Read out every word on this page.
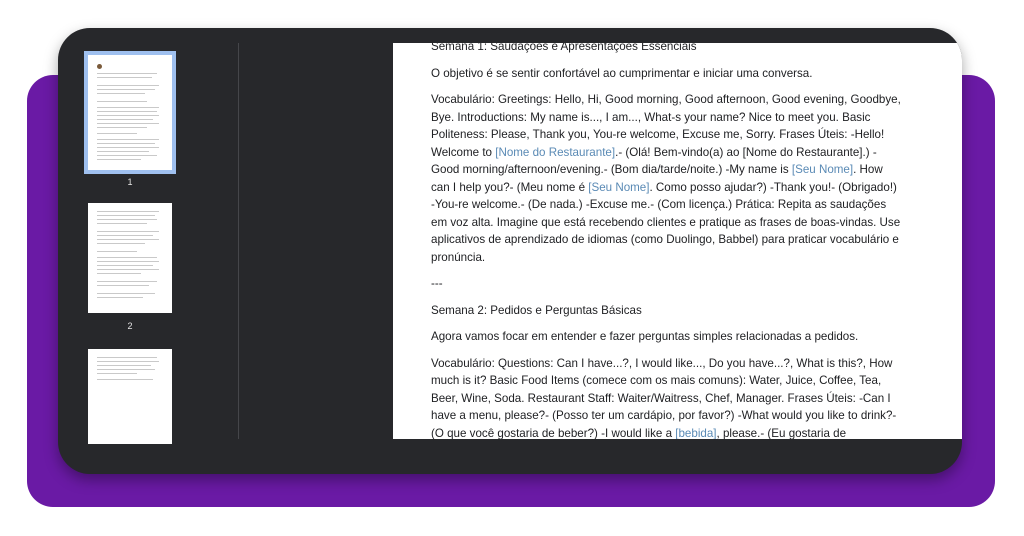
1
2

Semana 1: Saudações e Apresentações Essenciais

O objetivo é se sentir confortável ao cumprimentar e iniciar uma conversa.

Vocabulário: Greetings: Hello, Hi, Good morning, Good afternoon, Good evening, Goodbye, Bye. Introductions: My name is..., I am..., What-s your name? Nice to meet you. Basic Politeness: Please, Thank you, You-re welcome, Excuse me, Sorry. Frases Úteis: -Hello! Welcome to [Nome do Restaurante].- (Olá! Bem-vindo(a) ao [Nome do Restaurante].) -Good morning/afternoon/evening.- (Bom dia/tarde/noite.) -My name is [Seu Nome]. How can I help you?- (Meu nome é [Seu Nome]. Como posso ajudar?) -Thank you!- (Obrigado!) -You-re welcome.- (De nada.) -Excuse me.- (Com licença.) Prática: Repita as saudações em voz alta. Imagine que está recebendo clientes e pratique as frases de boas-vindas. Use aplicativos de aprendizado de idiomas (como Duolingo, Babbel) para praticar vocabulário e pronúncia.

---

Semana 2: Pedidos e Perguntas Básicas

Agora vamos focar em entender e fazer perguntas simples relacionadas a pedidos.

Vocabulário: Questions: Can I have...?, I would like..., Do you have...?, What is this?, How much is it? Basic Food Items (comece com os mais comuns): Water, Juice, Coffee, Tea, Beer, Wine, Soda. Restaurant Staff: Waiter/Waitress, Chef, Manager. Frases Úteis: -Can I have a menu, please?- (Posso ter um cardápio, por favor?) -What would you like to drink?- (O que você gostaria de beber?) -I would like a [bebida], please.- (Eu gostaria de
